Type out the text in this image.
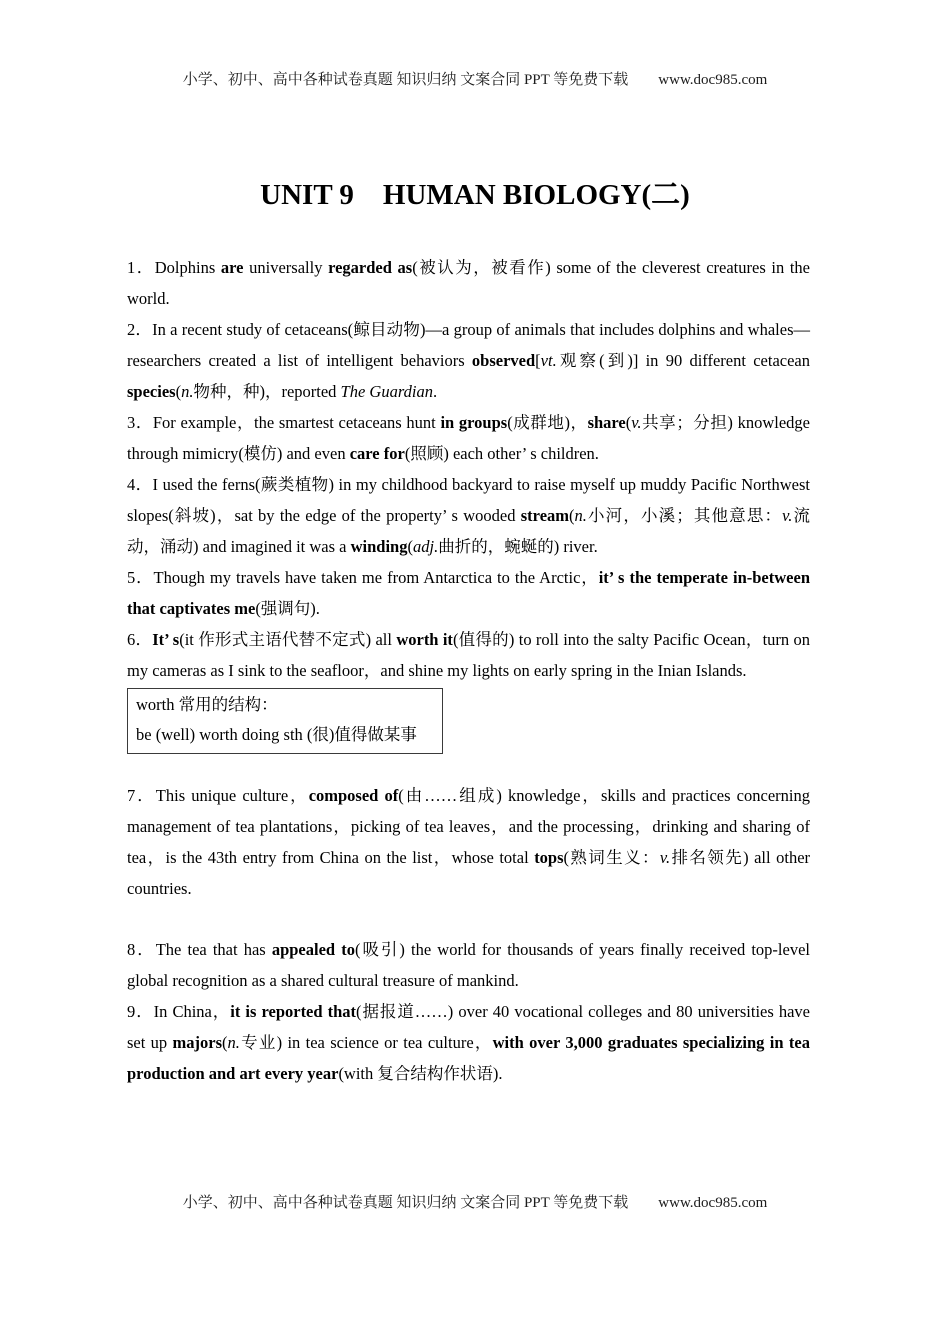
小学、初中、高中各种试卷真题 知识归纳 文案合同 PPT 等免费下载 www.doc985.com
UNIT 9　HUMAN BIOLOGY(二)

1．Dolphins are universally regarded as(被认为，被看作) some of the cleverest creatures in the world.

2．In a recent study of cetaceans(鲸目动物)—a group of animals that includes dolphins and whales—researchers created a list of intelligent behaviors observed[vt.观察(到)] in 90 different cetacean species(n.物种，种)，reported The Guardian.

3．For example，the smartest cetaceans hunt in groups(成群地)，share(v.共享；分担) knowledge through mimicry(模仿) and even care for(照顾) each other’ s children.

4．I used the ferns(蕨类植物) in my childhood backyard to raise myself up muddy Pacific Northwest slopes(斜坡)，sat by the edge of the property’ s wooded stream(n.小河，小溪；其他意思：v.流动，涌动) and imagined it was a winding(adj.曲折的，蜿蜒的) river.

5．Though my travels have taken me from Antarctica to the Arctic，it’ s the temperate in-between that captivates me(强调句).

6．It’ s(it 作形式主语代替不定式) all worth it(值得的) to roll into the salty Pacific Ocean，turn on my cameras as I sink to the seafloor，and shine my lights on early spring in the Inian Islands.

worth 常用的结构：
be (well) worth doing sth (很)值得做某事

7．This unique culture，composed of(由……组成) knowledge，skills and practices concerning management of tea plantations，picking of tea leaves，and the processing，drinking and sharing of tea，is the 43th entry from China on the list，whose total tops(熟词生义：v.排名领先) all other countries.

8．The tea that has appealed to(吸引) the world for thousands of years finally received top-level global recognition as a shared cultural treasure of mankind.

9．In China，it is reported that(据报道……) over 40 vocational colleges and 80 universities have set up majors(n.专业) in tea science or tea culture，with over 3,000 graduates specializing in tea production and art every year(with 复合结构作状语).

小学、初中、高中各种试卷真题 知识归纳 文案合同 PPT 等免费下载 www.doc985.com
